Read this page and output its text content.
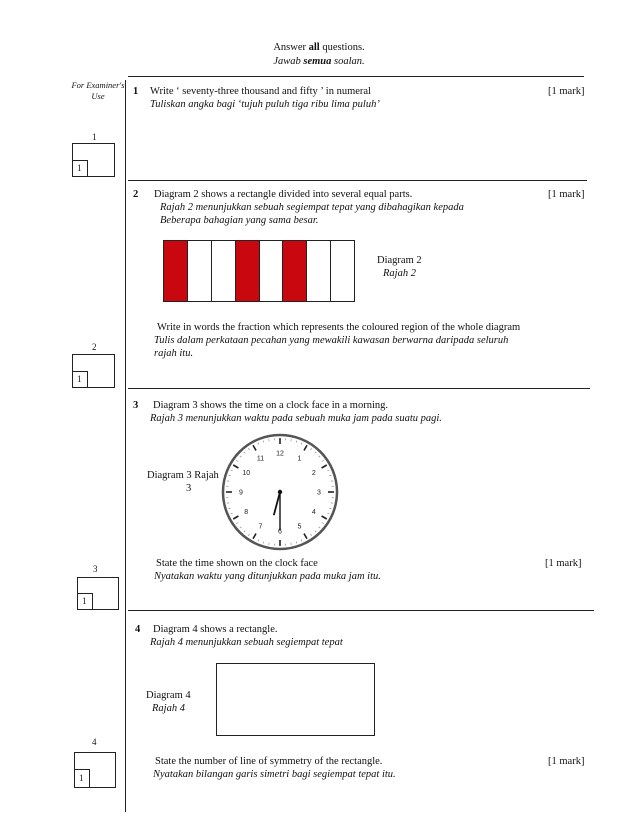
Answer all questions.
Jawab semua soalan.
For Examiner's
Use	1 Write ‘ seventy-three thousand and fifty ’ in numeral
Tuliskan angka bagi ‘tujuh puluh tiga ribu lima puluh’
[1 mark]
1
1
2 Diagram 2 shows a rectangle divided into several equal parts.
Rajah 2 menunjukkan sebuah segiempat tepat yang dibahagikan kepada
Beberapa bahagian yang sama besar.
[1 mark]
Diagram 2
Rajah 2
Write in words the fraction which represents the coloured region of the whole diagram
Tulis dalam perkataan pecahan yang mewakili kawasan berwarna daripada seluruh
rajah itu.
2
1
3 Diagram 3 shows the time on a clock face in a morning.
Rajah 3 menunjukkan waktu pada sebuah muka jam pada suatu pagi.
Diagram 3 Rajah
3
12
1
2
3
4
5
6
7
8
9
10
11
State the time shown on the clock face
Nyatakan waktu yang ditunjukkan pada muka jam itu.
[1 mark]
3
1
4 Diagram 4 shows a rectangle.
Rajah 4 menunjukkan sebuah segiempat tepat
Diagram 4
Rajah 4
State the number of line of symmetry of the rectangle.
Nyatakan bilangan garis simetri bagi segiempat tepat itu.
[1 mark]
4
1
